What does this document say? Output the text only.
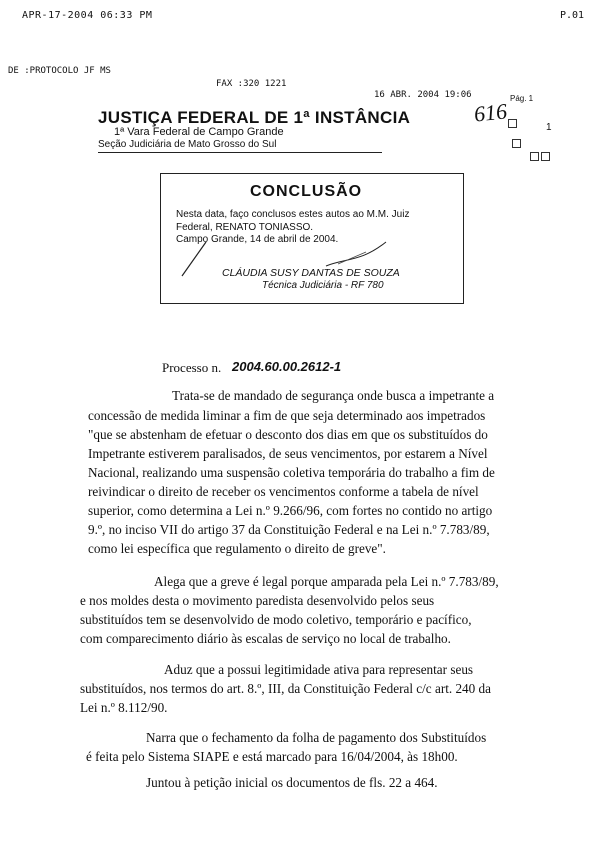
APR-17-2004 06:33 PM	P.01
DE :PROTOCOLO JF MS
FAX :320 1221
16 ABR. 2004 19:06	Pág. 1
JUSTIÇA FEDERAL DE 1ª INSTÂNCIA
1ª Vara Federal de Campo Grande
Seção Judiciária de Mato Grosso do Sul
616
1
CONCLUSÃO
Nesta data, faço conclusos estes autos ao M.M. Juiz
Federal, RENATO TONIASSO.
Campo Grande, 14 de abril de 2004.
CLÁUDIA SUSY DANTAS DE SOUZA
Técnica Judiciária - RF 780
Processo n. 2004.60.00.2612-1
Trata-se de mandado de segurança onde busca a impetrante a
concessão de medida liminar a fim de que seja determinado aos impetrados
"que se abstenham de efetuar o desconto dos dias em que os substituídos do
Impetrante estiverem paralisados, de seus vencimentos, por estarem a Nível
Nacional, realizando uma suspensão coletiva temporária do trabalho a fim de
reivindicar o direito de receber os vencimentos conforme a tabela de nível
superior, como determina a Lei n.º 9.266/96, com fortes no contido no artigo
9.º, no inciso VII do artigo 37 da Constituição Federal e na Lei n.º 7.783/89,
como lei específica que regulamento o direito de greve".
Alega que a greve é legal porque amparada pela Lei n.º 7.783/89,
e nos moldes desta o movimento paredista desenvolvido pelos seus
substituídos tem se desenvolvido de modo coletivo, temporário e pacífico,
com comparecimento diário às escalas de serviço no local de trabalho.
Aduz que a possui legitimidade ativa para representar seus
substituídos, nos termos do art. 8.º, III, da Constituição Federal c/c art. 240 da
Lei n.º 8.112/90.
Narra que o fechamento da folha de pagamento dos Substituídos
é feita pelo Sistema SIAPE e está marcado para 16/04/2004, às 18h00.
Juntou à petição inicial os documentos de fls. 22 a 464.
